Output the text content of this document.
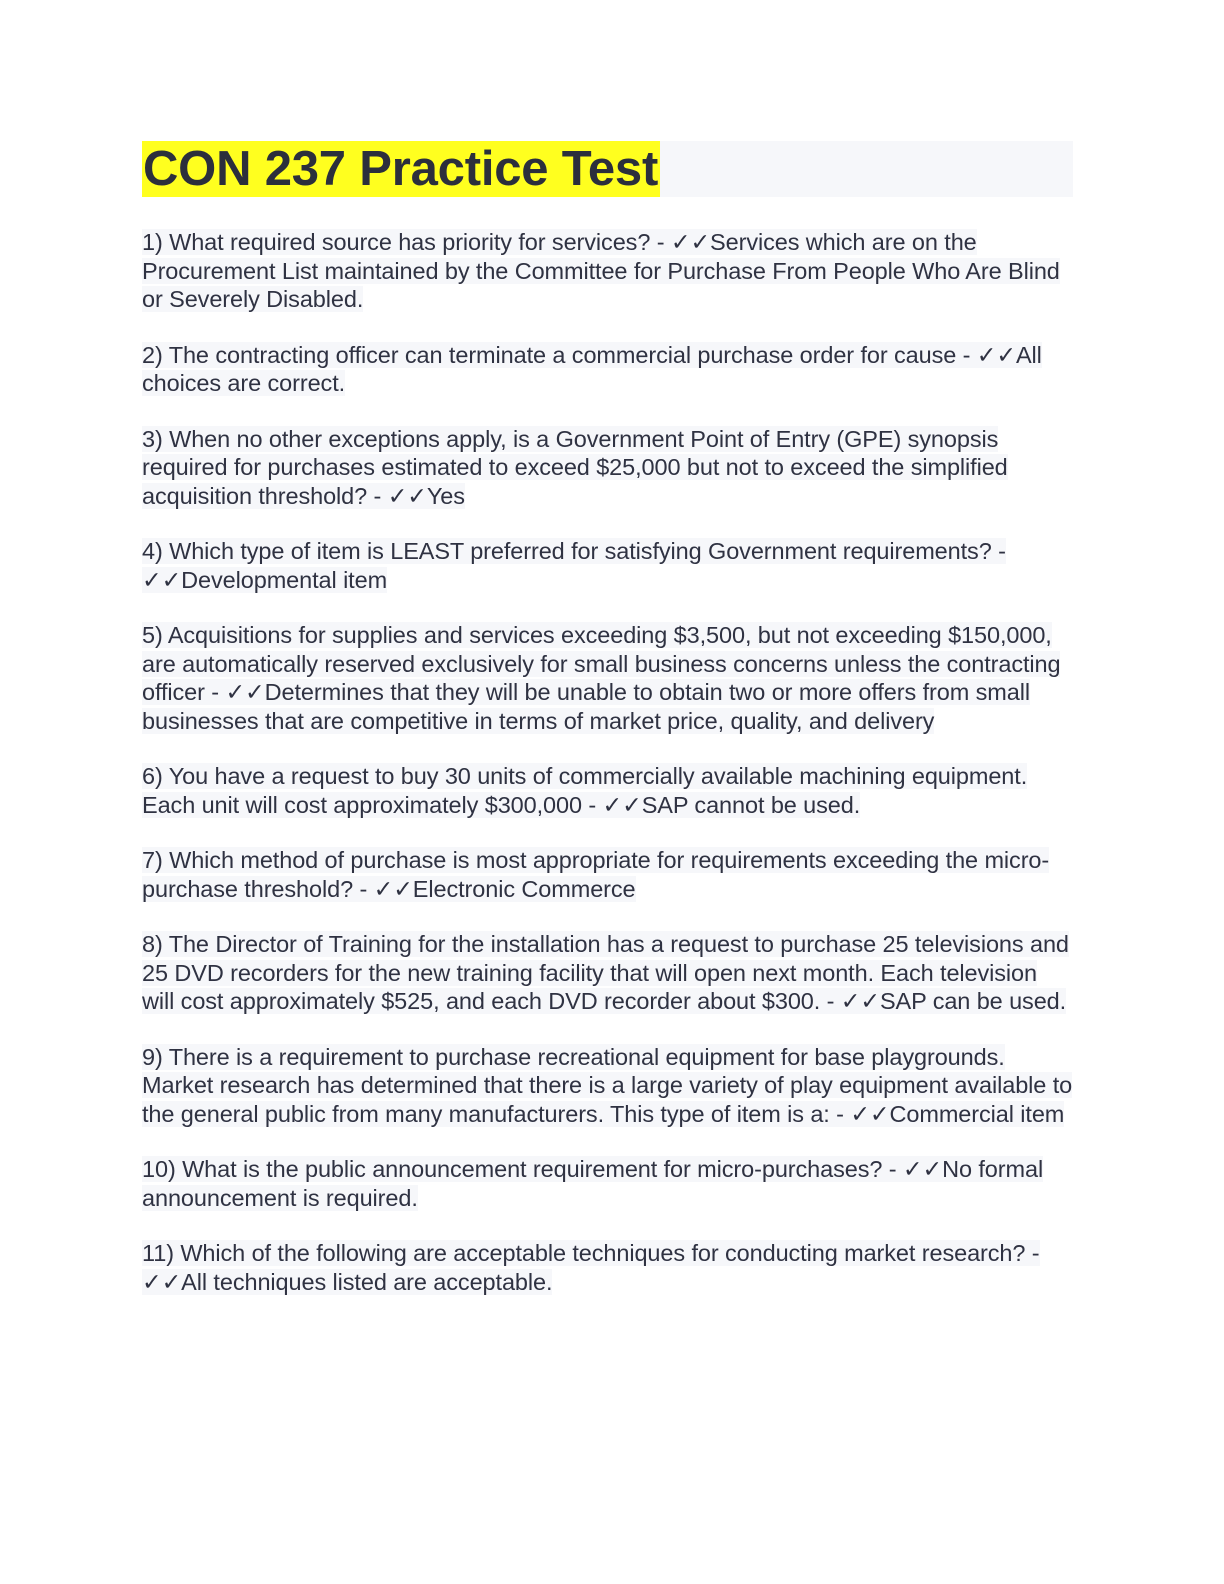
CON 237 Practice Test

1) What required source has priority for services? - ✓✓Services which are on the Procurement List maintained by the Committee for Purchase From People Who Are Blind or Severely Disabled.

2) The contracting officer can terminate a commercial purchase order for cause - ✓✓All choices are correct.

3) When no other exceptions apply, is a Government Point of Entry (GPE) synopsis required for purchases estimated to exceed $25,000 but not to exceed the simplified acquisition threshold? - ✓✓Yes

4) Which type of item is LEAST preferred for satisfying Government requirements? - ✓✓Developmental item

5) Acquisitions for supplies and services exceeding $3,500, but not exceeding $150,000, are automatically reserved exclusively for small business concerns unless the contracting officer - ✓✓Determines that they will be unable to obtain two or more offers from small businesses that are competitive in terms of market price, quality, and delivery

6) You have a request to buy 30 units of commercially available machining equipment. Each unit will cost approximately $300,000 - ✓✓SAP cannot be used.

7) Which method of purchase is most appropriate for requirements exceeding the micro-purchase threshold? - ✓✓Electronic Commerce

8) The Director of Training for the installation has a request to purchase 25 televisions and 25 DVD recorders for the new training facility that will open next month. Each television will cost approximately $525, and each DVD recorder about $300. - ✓✓SAP can be used.

9) There is a requirement to purchase recreational equipment for base playgrounds. Market research has determined that there is a large variety of play equipment available to the general public from many manufacturers. This type of item is a: - ✓✓Commercial item

10) What is the public announcement requirement for micro-purchases? - ✓✓No formal announcement is required.

11) Which of the following are acceptable techniques for conducting market research? - ✓✓All techniques listed are acceptable.
